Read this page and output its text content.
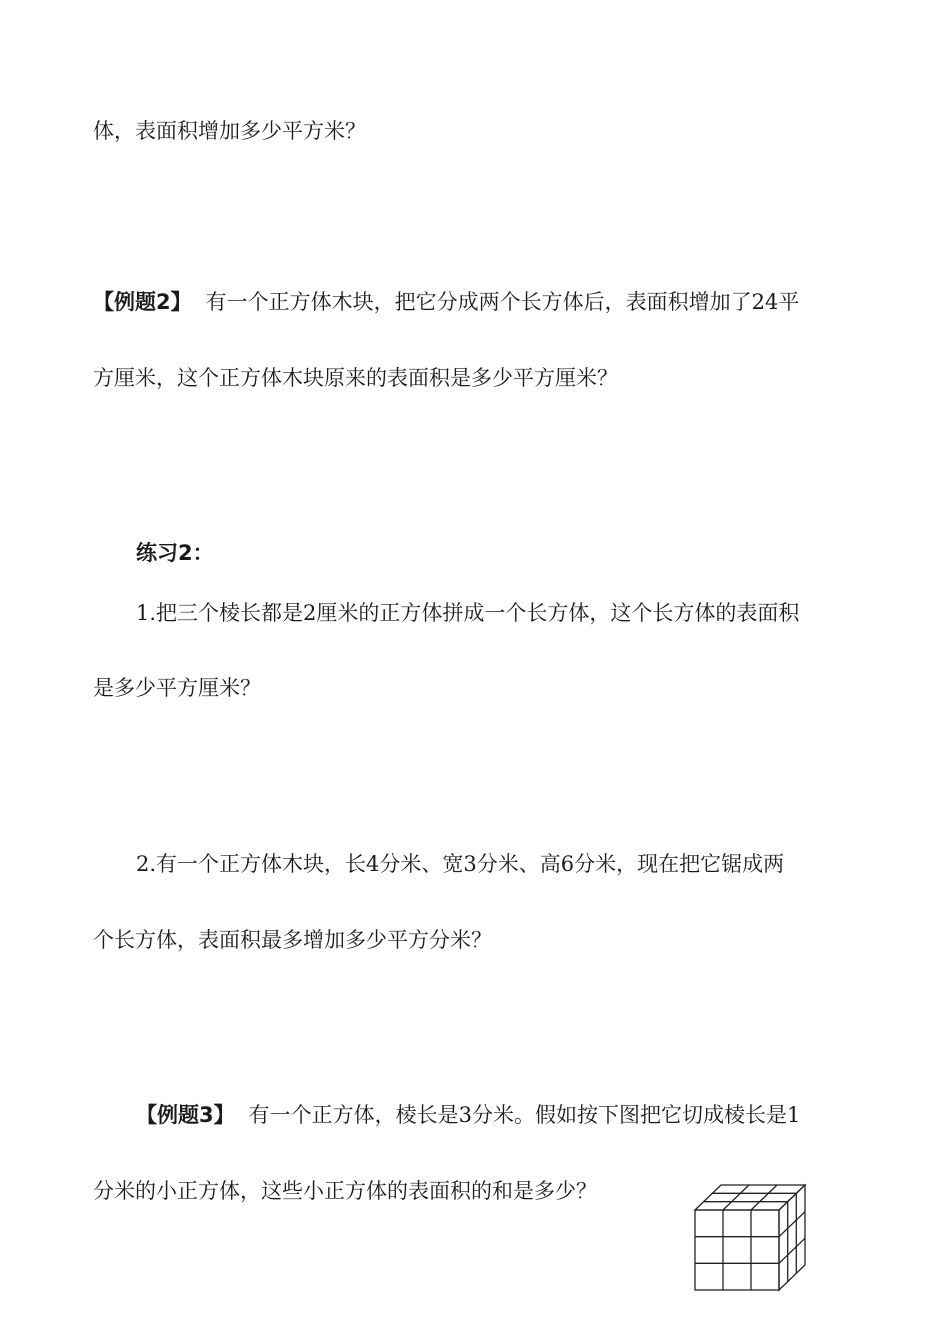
体，表面积增加多少平方米？
【例题2】 有一个正方体木块，把它分成两个长方体后，表面积增加了24平
方厘米，这个正方体木块原来的表面积是多少平方厘米？
练习2：
1.把三个棱长都是2厘米的正方体拼成一个长方体，这个长方体的表面积
是多少平方厘米？
2.有一个正方体木块，长4分米、宽3分米、高6分米，现在把它锯成两
个长方体，表面积最多增加多少平方分米？
【例题3】 有一个正方体，棱长是3分米。假如按下图把它切成棱长是1
分米的小正方体，这些小正方体的表面积的和是多少？
